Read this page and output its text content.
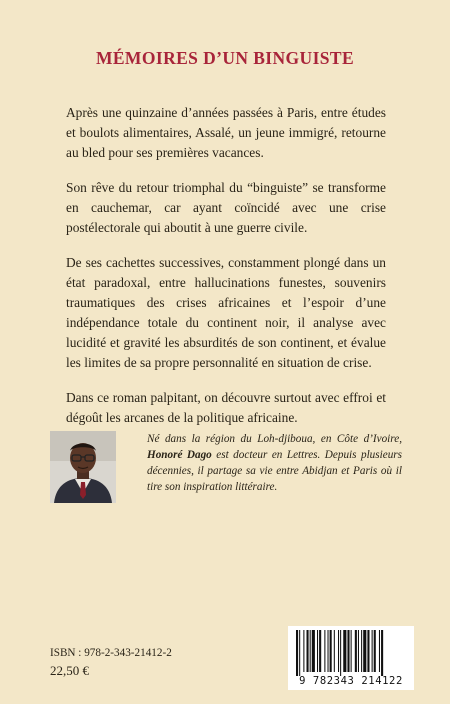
MÉMOIRES D’UN BINGUISTE

Après une quinzaine d’années passées à Paris, entre études et boulots alimentaires, Assalé, un jeune immigré, retourne au bled pour ses premières vacances.

Son rêve du retour triomphal du “binguiste” se transforme en cauchemar, car ayant coïncidé avec une crise postélectorale qui aboutit à une guerre civile.

De ses cachettes successives, constamment plongé dans un état paradoxal, entre hallucinations funestes, souvenirs traumatiques des crises africaines et l’espoir d’une indépendance totale du continent noir, il analyse avec lucidité et gravité les absurdités de son continent, et évalue les limites de sa propre personnalité en situation de crise.

Dans ce roman palpitant, on découvre surtout avec effroi et dégoût les arcanes de la politique africaine.

Né dans la région du Loh-djiboua, en Côte d’Ivoire, Honoré Dago est docteur en Lettres. Depuis plusieurs décennies, il partage sa vie entre Abidjan et Paris où il tire son inspiration littéraire.
ISBN : 978-2-343-21412-2
22,50 €
9 782343 214122
